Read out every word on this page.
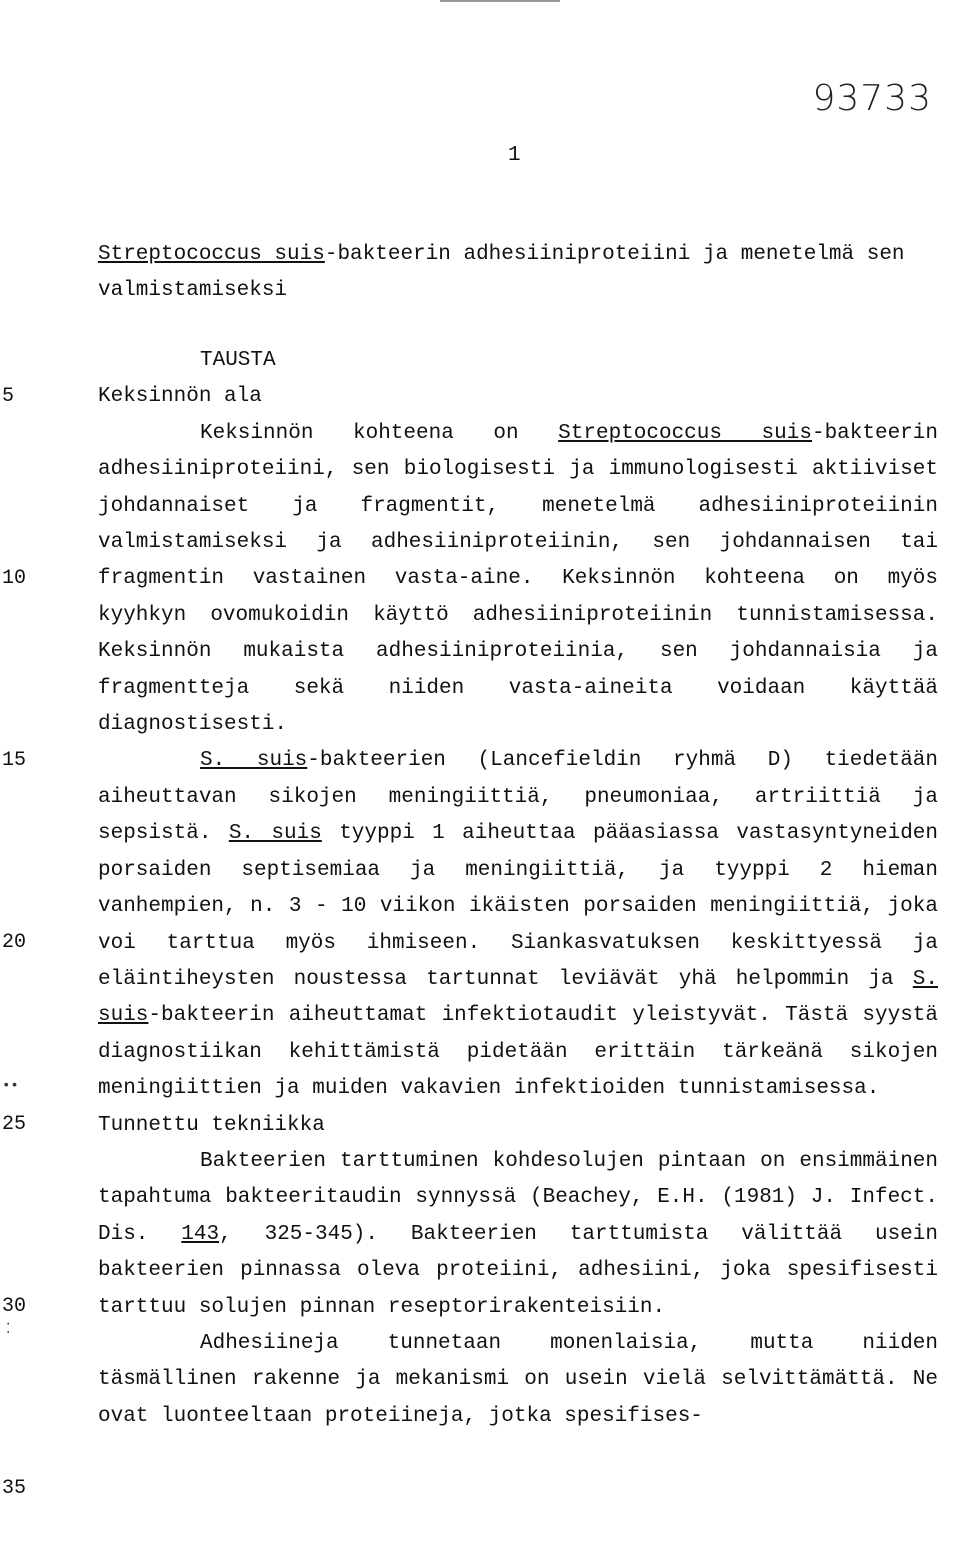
93733
1
Streptococcus suis-bakteerin adhesiiniproteiini ja menetelmä sen valmistamiseksi
5
10
15
20
••
25
30
⁚
35

TAUSTA

Keksinnön ala

Keksinnön kohteena on Streptococcus suis-bakteerin adhesiiniproteiini, sen biologisesti ja immunologisesti aktiiviset johdannaiset ja fragmentit, menetelmä adhesiiniproteiinin valmistamiseksi ja adhesiiniproteiinin, sen johdannaisen tai fragmentin vastainen vasta-aine. Keksinnön kohteena on myös kyyhkyn ovomukoidin käyttö adhesiiniproteiinin tunnistamisessa. Keksinnön mukaista adhesiiniproteiinia, sen johdannaisia ja fragmentteja sekä niiden vasta-aineita voidaan käyttää diagnostisesti.

S. suis-bakteerien (Lancefieldin ryhmä D) tiedetään aiheuttavan sikojen meningiittiä, pneumoniaa, artriittiä ja sepsistä. S. suis tyyppi 1 aiheuttaa pääasiassa vastasyntyneiden porsaiden septisemiaa ja meningiittiä, ja tyyppi 2 hieman vanhempien, n. 3 - 10 viikon ikäisten porsaiden meningiittiä, joka voi tarttua myös ihmiseen. Siankasvatuksen keskittyessä ja eläintiheysten noustessa tartunnat leviävät yhä helpommin ja S. suis-bakteerin aiheuttamat infektiotaudit yleistyvät. Tästä syystä diagnostiikan kehittämistä pidetään erittäin tärkeänä sikojen meningiittien ja muiden vakavien infektioiden tunnistamisessa.

Tunnettu tekniikka

Bakteerien tarttuminen kohdesolujen pintaan on ensimmäinen tapahtuma bakteeritaudin synnyssä (Beachey, E.H. (1981) J. Infect. Dis. 143, 325-345). Bakteerien tarttumista välittää usein bakteerien pinnassa oleva proteiini, adhesiini, joka spesifisesti tarttuu solujen pinnan reseptorirakenteisiin.

Adhesiineja tunnetaan monenlaisia, mutta niiden täsmällinen rakenne ja mekanismi on usein vielä selvittämättä. Ne ovat luonteeltaan proteiineja, jotka spesifises-
